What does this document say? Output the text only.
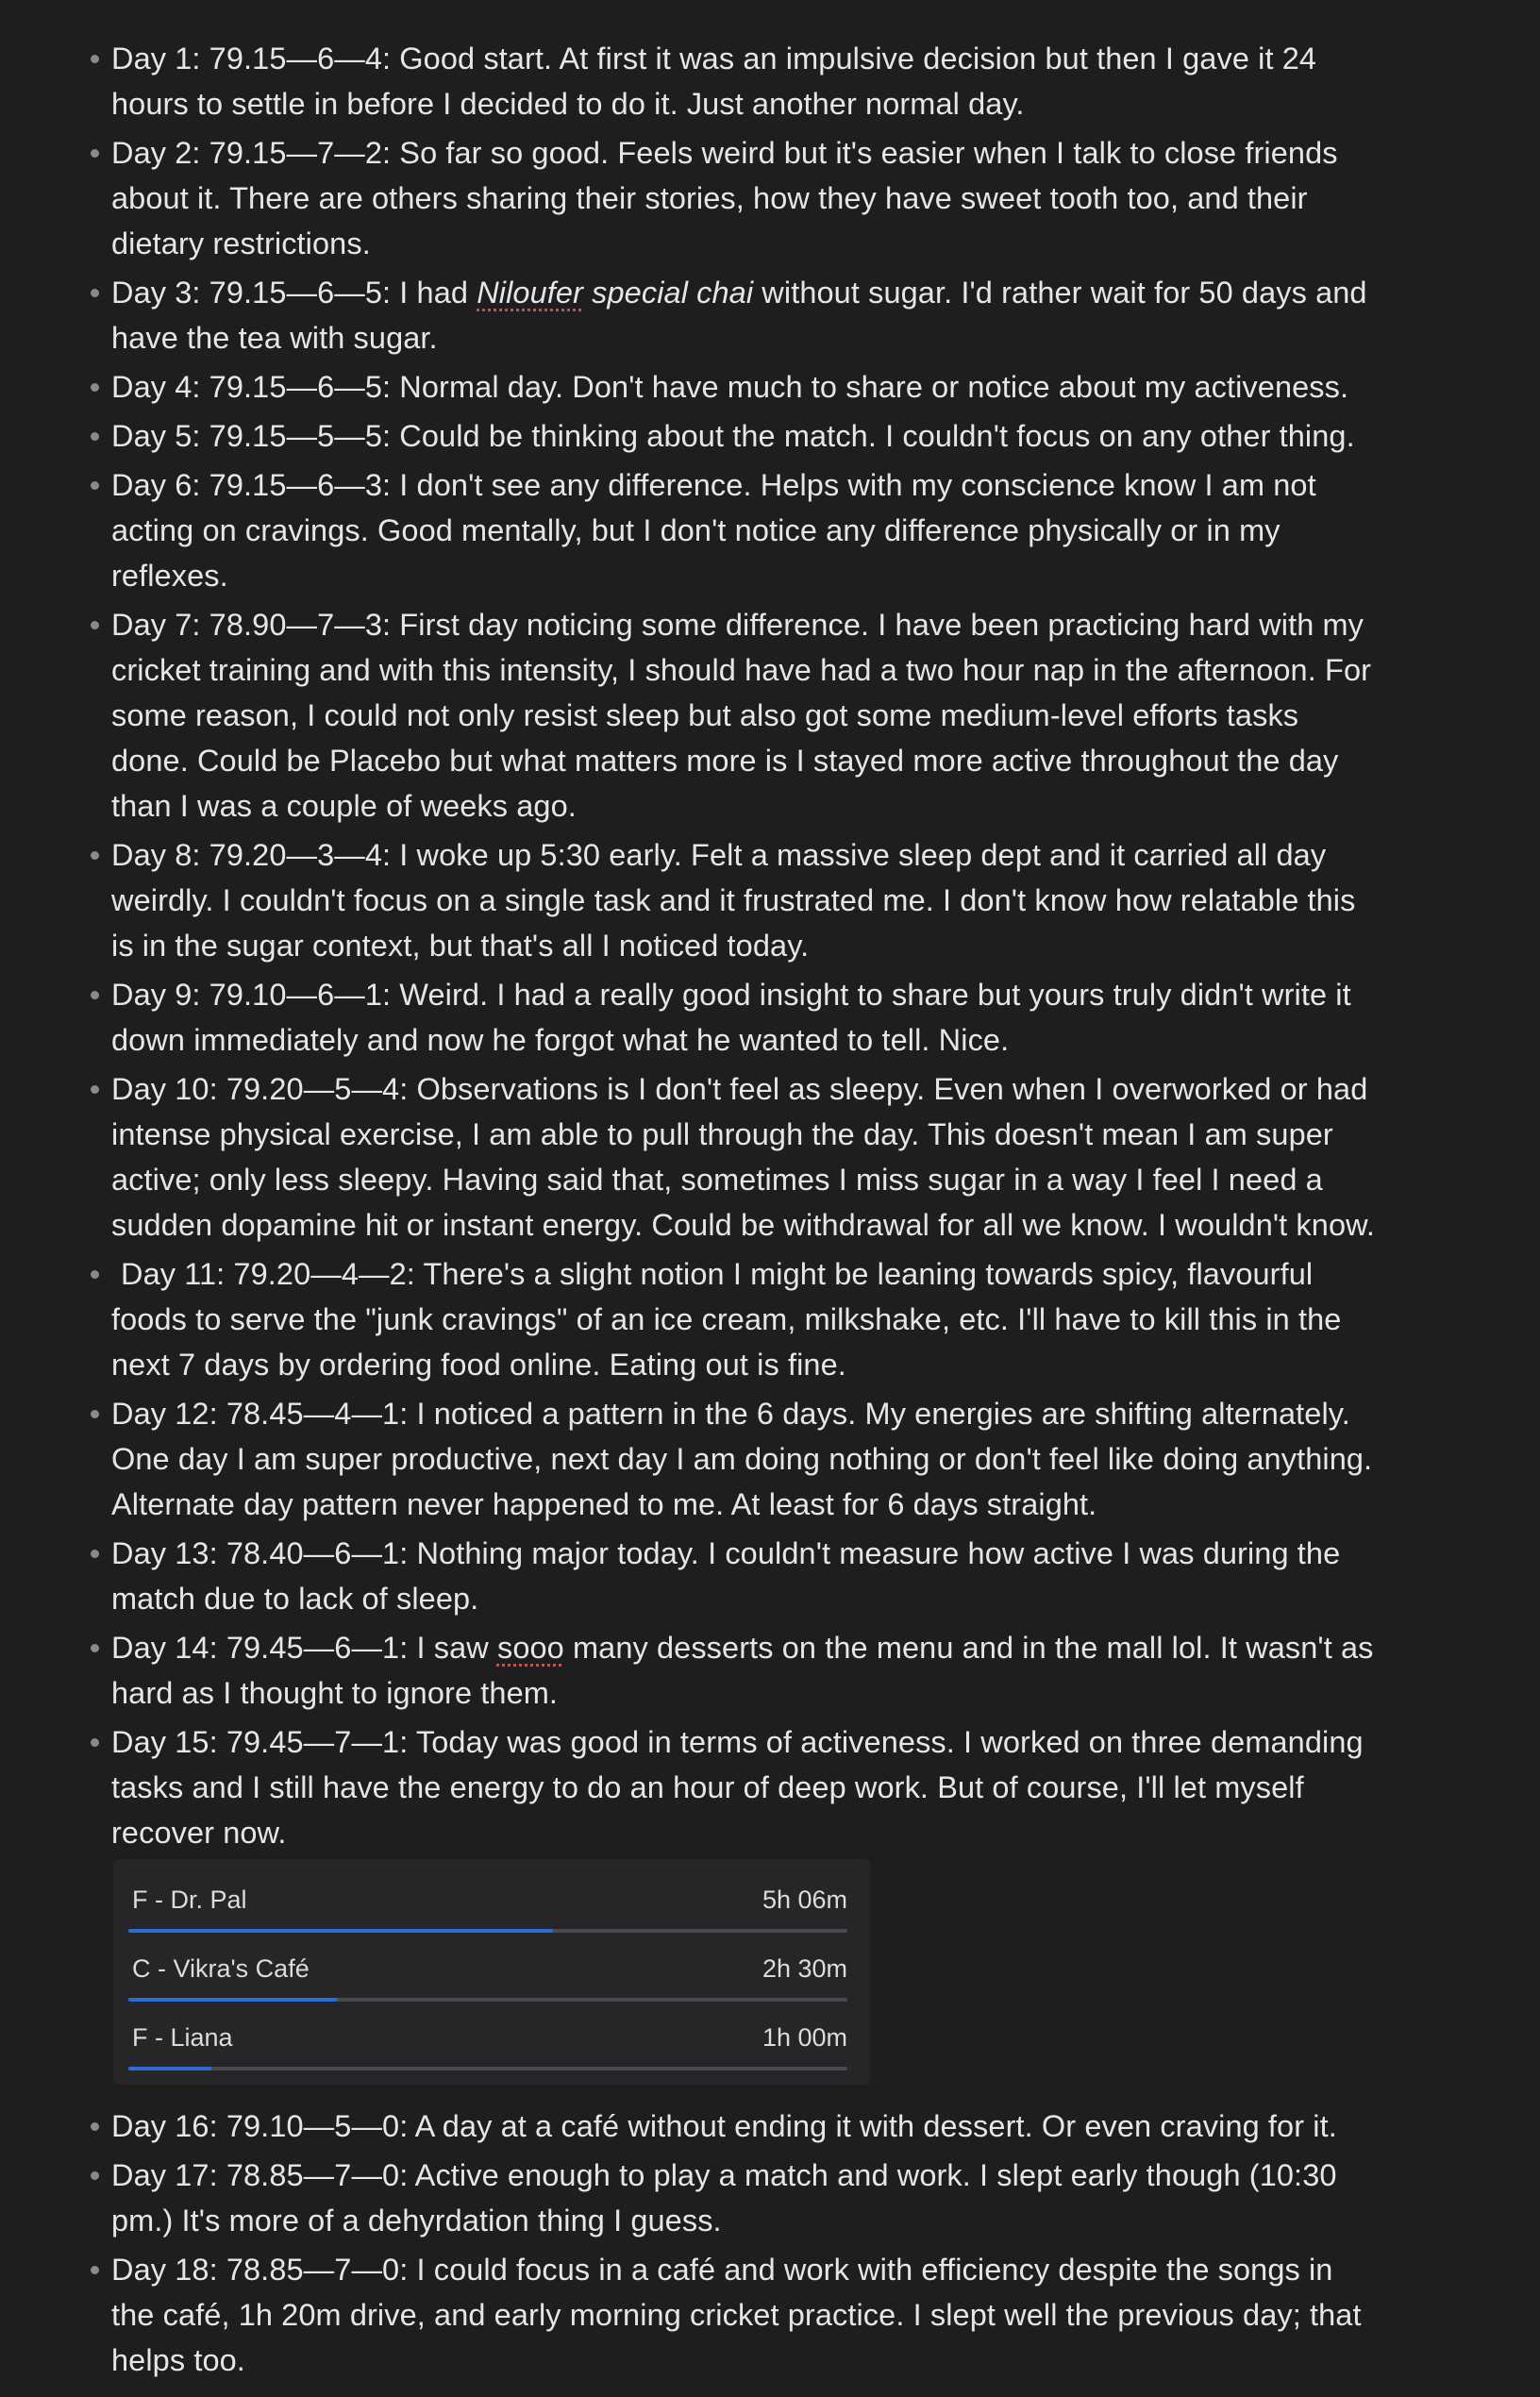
Day 1: 79.15—6—4: Good start. At first it was an impulsive decision but then I gave it 24 hours to settle in before I decided to do it. Just another normal day.
Day 2: 79.15—7—2: So far so good. Feels weird but it's easier when I talk to close friends about it. There are others sharing their stories, how they have sweet tooth too, and their dietary restrictions.
Day 3: 79.15—6—5: I had Niloufer special chai without sugar. I'd rather wait for 50 days and have the tea with sugar.
Day 4: 79.15—6—5: Normal day. Don't have much to share or notice about my activeness.
Day 5: 79.15—5—5: Could be thinking about the match. I couldn't focus on any other thing.
Day 6: 79.15—6—3: I don't see any difference. Helps with my conscience know I am not acting on cravings. Good mentally, but I don't notice any difference physically or in my reflexes.
Day 7: 78.90—7—3: First day noticing some difference. I have been practicing hard with my cricket training and with this intensity, I should have had a two hour nap in the afternoon. For some reason, I could not only resist sleep but also got some medium-level efforts tasks done. Could be Placebo but what matters more is I stayed more active throughout the day than I was a couple of weeks ago.
Day 8: 79.20—3—4: I woke up 5:30 early. Felt a massive sleep dept and it carried all day weirdly. I couldn't focus on a single task and it frustrated me. I don't know how relatable this is in the sugar context, but that's all I noticed today.
Day 9: 79.10—6—1: Weird. I had a really good insight to share but yours truly didn't write it down immediately and now he forgot what he wanted to tell. Nice.
Day 10: 79.20—5—4: Observations is I don't feel as sleepy. Even when I overworked or had intense physical exercise, I am able to pull through the day. This doesn't mean I am super active; only less sleepy. Having said that, sometimes I miss sugar in a way I feel I need a sudden dopamine hit or instant energy. Could be withdrawal for all we know. I wouldn't know.
Day 11: 79.20—4—2: There's a slight notion I might be leaning towards spicy, flavourful foods to serve the "junk cravings" of an ice cream, milkshake, etc. I'll have to kill this in the next 7 days by ordering food online. Eating out is fine.
Day 12: 78.45—4—1: I noticed a pattern in the 6 days. My energies are shifting alternately. One day I am super productive, next day I am doing nothing or don't feel like doing anything. Alternate day pattern never happened to me. At least for 6 days straight.
Day 13: 78.40—6—1: Nothing major today. I couldn't measure how active I was during the match due to lack of sleep.
Day 14: 79.45—6—1: I saw sooo many desserts on the menu and in the mall lol. It wasn't as hard as I thought to ignore them.
Day 15: 79.45—7—1: Today was good in terms of activeness. I worked on three demanding tasks and I still have the energy to do an hour of deep work. But of course, I'll let myself recover now.
F - Dr. Pal	5h 06m
C - Vikra's Café	2h 30m
F - Liana	1h 00m
Day 16: 79.10—5—0: A day at a café without ending it with dessert. Or even craving for it.
Day 17: 78.85—7—0: Active enough to play a match and work. I slept early though (10:30 pm.) It's more of a dehyrdation thing I guess.
Day 18: 78.85—7—0: I could focus in a café and work with efficiency despite the songs in the café, 1h 20m drive, and early morning cricket practice. I slept well the previous day; that helps too.
